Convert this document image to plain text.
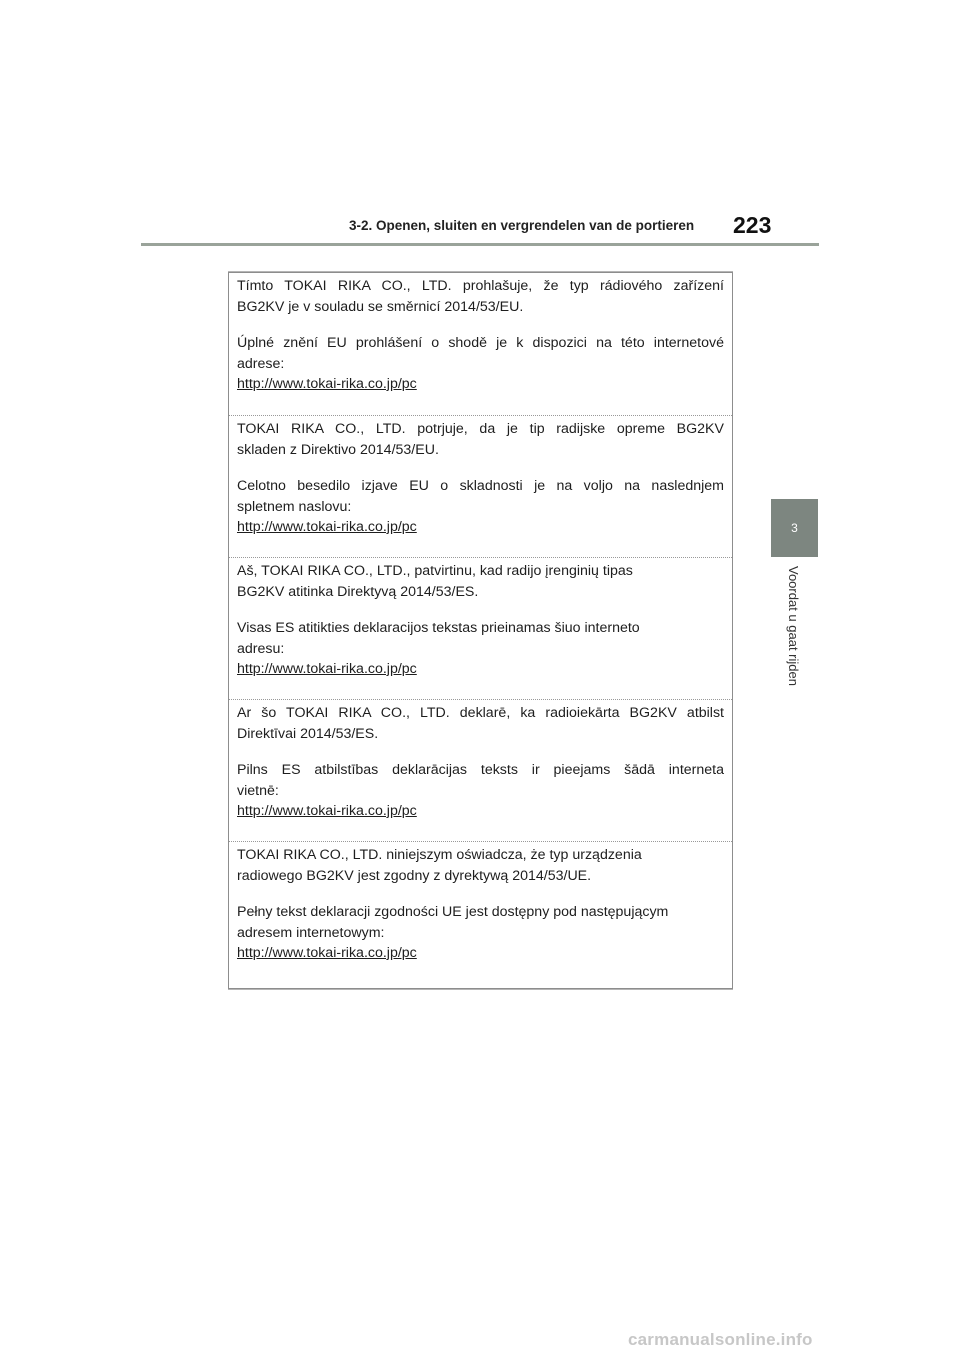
3-2. Openen, sluiten en vergrendelen van de portieren 223
3
Voordat u gaat rijden

Tímto TOKAI RIKA CO., LTD. prohlašuje, že typ rádiového zařízení

BG2KV je v souladu se směrnicí 2014/53/EU.

Úplné znění EU prohlášení o shodě je k dispozici na této internetové

adrese:

http://www.tokai-rika.co.jp/pc

TOKAI RIKA CO., LTD. potrjuje, da je tip radijske opreme BG2KV

skladen z Direktivo 2014/53/EU.

Celotno besedilo izjave EU o skladnosti je na voljo na naslednjem

spletnem naslovu:

http://www.tokai-rika.co.jp/pc

Aš, TOKAI RIKA CO., LTD., patvirtinu, kad radijo įrenginių tipas

BG2KV atitinka Direktyvą 2014/53/ES.

Visas ES atitikties deklaracijos tekstas prieinamas šiuo interneto

adresu:

http://www.tokai-rika.co.jp/pc

Ar šo TOKAI RIKA CO., LTD. deklarē, ka radioiekārta BG2KV atbilst

Direktīvai 2014/53/ES.

Pilns ES atbilstības deklarācijas teksts ir pieejams šādā interneta

vietnē:

http://www.tokai-rika.co.jp/pc

TOKAI RIKA CO., LTD. niniejszym oświadcza, że typ urządzenia

radiowego BG2KV jest zgodny z dyrektywą 2014/53/UE.

Pełny tekst deklaracji zgodności UE jest dostępny pod następującym

adresem internetowym:

http://www.tokai-rika.co.jp/pc

carmanualsonline.info
